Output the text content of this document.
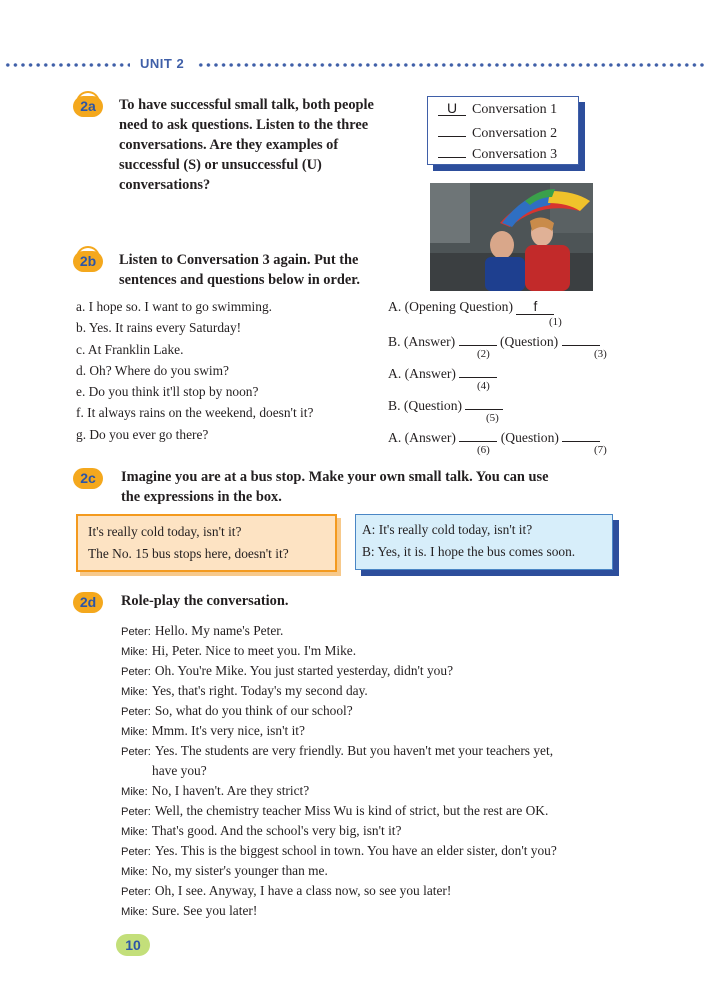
UNIT 2
2a	To have successful small talk, both people
need to ask questions. Listen to the three
conversations. Are they examples of
successful (S) or unsuccessful (U)
conversations?
U Conversation 1
Conversation 2
Conversation 3
2b	Listen to Conversation 3 again. Put the
sentences and questions below in order.
a. I hope so. I want to go swimming.
b. Yes. It rains every Saturday!
c. At Franklin Lake.
d. Oh? Where do you swim?
e. Do you think it'll stop by noon?
f. It always rains on the weekend, doesn't it?
g. Do you ever go there?
A. (Opening Question) f
(1)
B. (Answer)	(Question)
(2)	(3)
A. (Answer)
(4)
B. (Question)
(5)
A. (Answer)	(Question)
(6)	(7)
2c	Imagine you are at a bus stop. Make your own small talk. You can use
the expressions in the box.
It's really cold today, isn't it?
The No. 15 bus stops here, doesn't it?
A: It's really cold today, isn't it?
B: Yes, it is. I hope the bus comes soon.
2d	Role-play the conversation.
Peter: Hello. My name's Peter.
Mike: Hi, Peter. Nice to meet you. I'm Mike.
Peter: Oh. You're Mike. You just started yesterday, didn't you?
Mike: Yes, that's right. Today's my second day.
Peter: So, what do you think of our school?
Mike: Mmm. It's very nice, isn't it?
Peter: Yes. The students are very friendly. But you haven't met your teachers yet,
have you?
Mike: No, I haven't. Are they strict?
Peter: Well, the chemistry teacher Miss Wu is kind of strict, but the rest are OK.
Mike: That's good. And the school's very big, isn't it?
Peter: Yes. This is the biggest school in town. You have an elder sister, don't you?
Mike: No, my sister's younger than me.
Peter: Oh, I see. Anyway, I have a class now, so see you later!
Mike: Sure. See you later!
10
